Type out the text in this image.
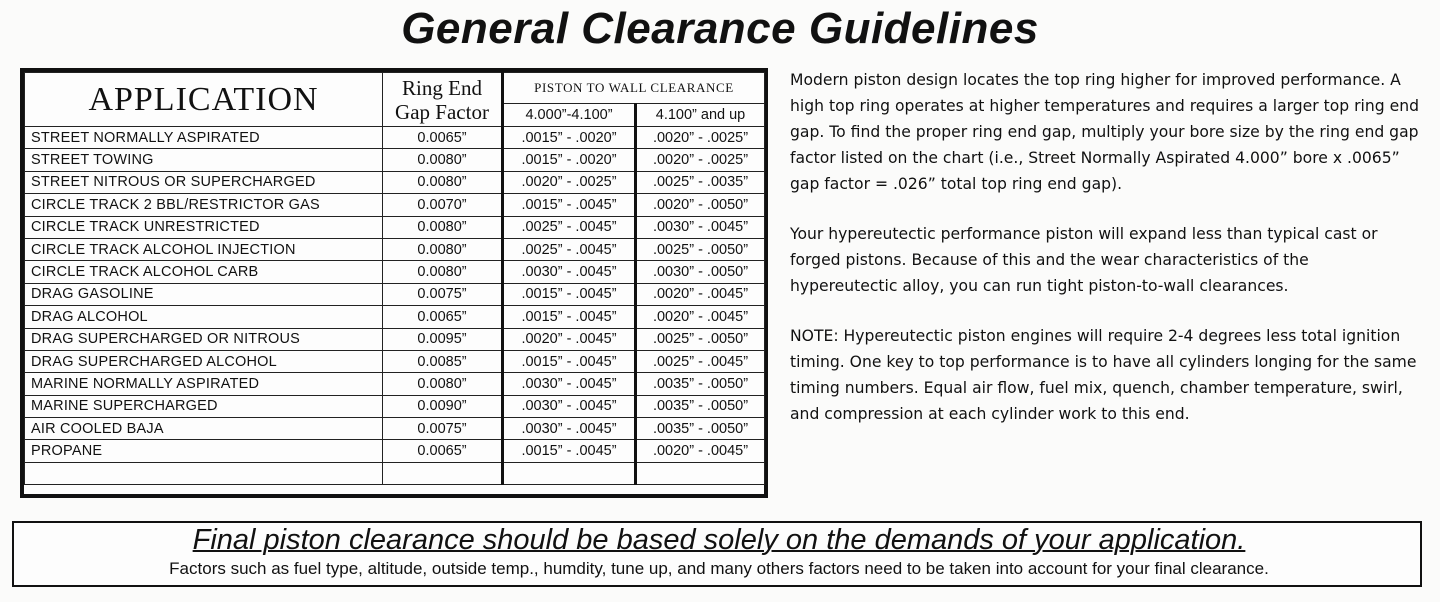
General Clearance Guidelines
APPLICATION	Ring End Gap Factor	PISTON TO WALL CLEARANCE	
		4.000”-4.100”	4.100” and up
STREET NORMALLY ASPIRATED	0.0065”	.0015” - .0020”	.0020” - .0025”
STREET TOWING	0.0080”	.0015” - .0020”	.0020” - .0025”
STREET NITROUS OR SUPERCHARGED	0.0080”	.0020” - .0025”	.0025” - .0035”
CIRCLE TRACK 2 BBL/RESTRICTOR GAS	0.0070”	.0015” - .0045”	.0020” - .0050”
CIRCLE TRACK UNRESTRICTED	0.0080”	.0025” - .0045”	.0030” - .0045”
CIRCLE TRACK ALCOHOL INJECTION	0.0080”	.0025” - .0045”	.0025” - .0050”
CIRCLE TRACK ALCOHOL CARB	0.0080”	.0030” - .0045”	.0030” - .0050”
DRAG GASOLINE	0.0075”	.0015” - .0045”	.0020” - .0045”
DRAG ALCOHOL	0.0065”	.0015” - .0045”	.0020” - .0045”
DRAG SUPERCHARGED OR NITROUS	0.0095”	.0020” - .0045”	.0025” - .0050”
DRAG SUPERCHARGED ALCOHOL	0.0085”	.0015” - .0045”	.0025” - .0045”
MARINE NORMALLY ASPIRATED	0.0080”	.0030” - .0045”	.0035” - .0050”
MARINE SUPERCHARGED	0.0090”	.0030” - .0045”	.0035” - .0050”
AIR COOLED BAJA	0.0075”	.0030” - .0045”	.0035” - .0050”
PROPANE	0.0065”	.0015” - .0045”	.0020” - .0045”

Modern piston design locates the top ring higher for improved performance. A high top ring operates at higher temperatures and requires a larger top ring end gap. To find the proper ring end gap, multiply your bore size by the ring end gap factor listed on the chart (i.e., Street Normally Aspirated 4.000” bore x .0065” gap factor = .026” total top ring end gap).

Your hypereutectic performance piston will expand less than typical cast or forged pistons. Because of this and the wear characteristics of the hypereutectic alloy, you can run tight piston-to-wall clearances.

NOTE: Hypereutectic piston engines will require 2-4 degrees less total ignition timing. One key to top performance is to have all cylinders longing for the same timing numbers. Equal air flow, fuel mix, quench, chamber temperature, swirl, and compression at each cylinder work to this end.

Final piston clearance should be based solely on the demands of your application.
Factors such as fuel type, altitude, outside temp., humdity, tune up, and many others factors need to be taken into account for your final clearance.
